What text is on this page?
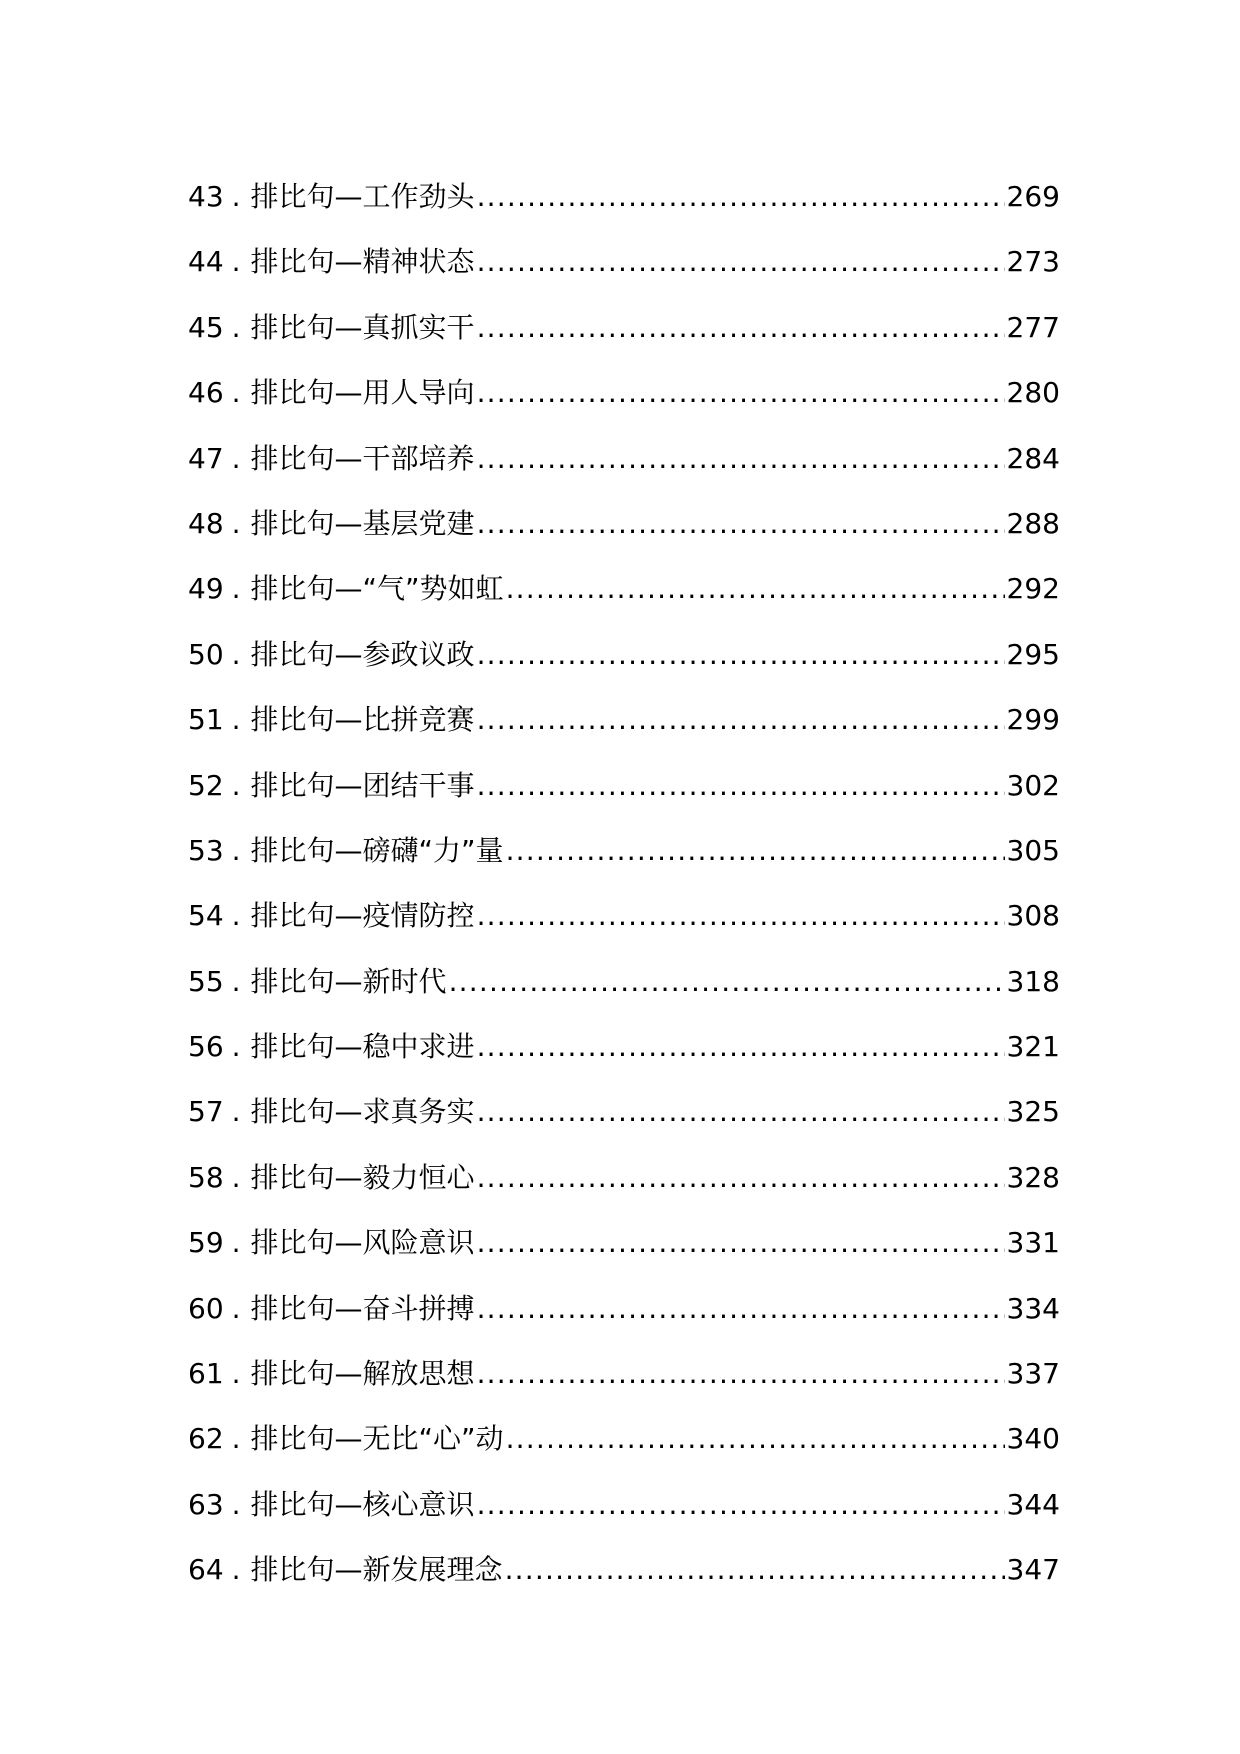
43 . 排比句—工作劲头 .....	269
44 . 排比句—精神状态 .....	273
45 . 排比句—真抓实干 .....	277
46 . 排比句—用人导向 .....	280
47 . 排比句—干部培养 .....	284
48 . 排比句—基层党建 .....	288
49 . 排比句—“气”势如虹 .....	292
50 . 排比句—参政议政 .....	295
51 . 排比句—比拼竞赛 .....	299
52 . 排比句—团结干事 .....	302
53 . 排比句—磅礴“力”量 .....	305
54 . 排比句—疫情防控 .....	308
55 . 排比句—新时代 .....	318
56 . 排比句—稳中求进 .....	321
57 . 排比句—求真务实 .....	325
58 . 排比句—毅力恒心 .....	328
59 . 排比句—风险意识 .....	331
60 . 排比句—奋斗拼搏 .....	334
61 . 排比句—解放思想 .....	337
62 . 排比句—无比“心”动 .....	340
63 . 排比句—核心意识 .....	344
64 . 排比句—新发展理念 .....	347
